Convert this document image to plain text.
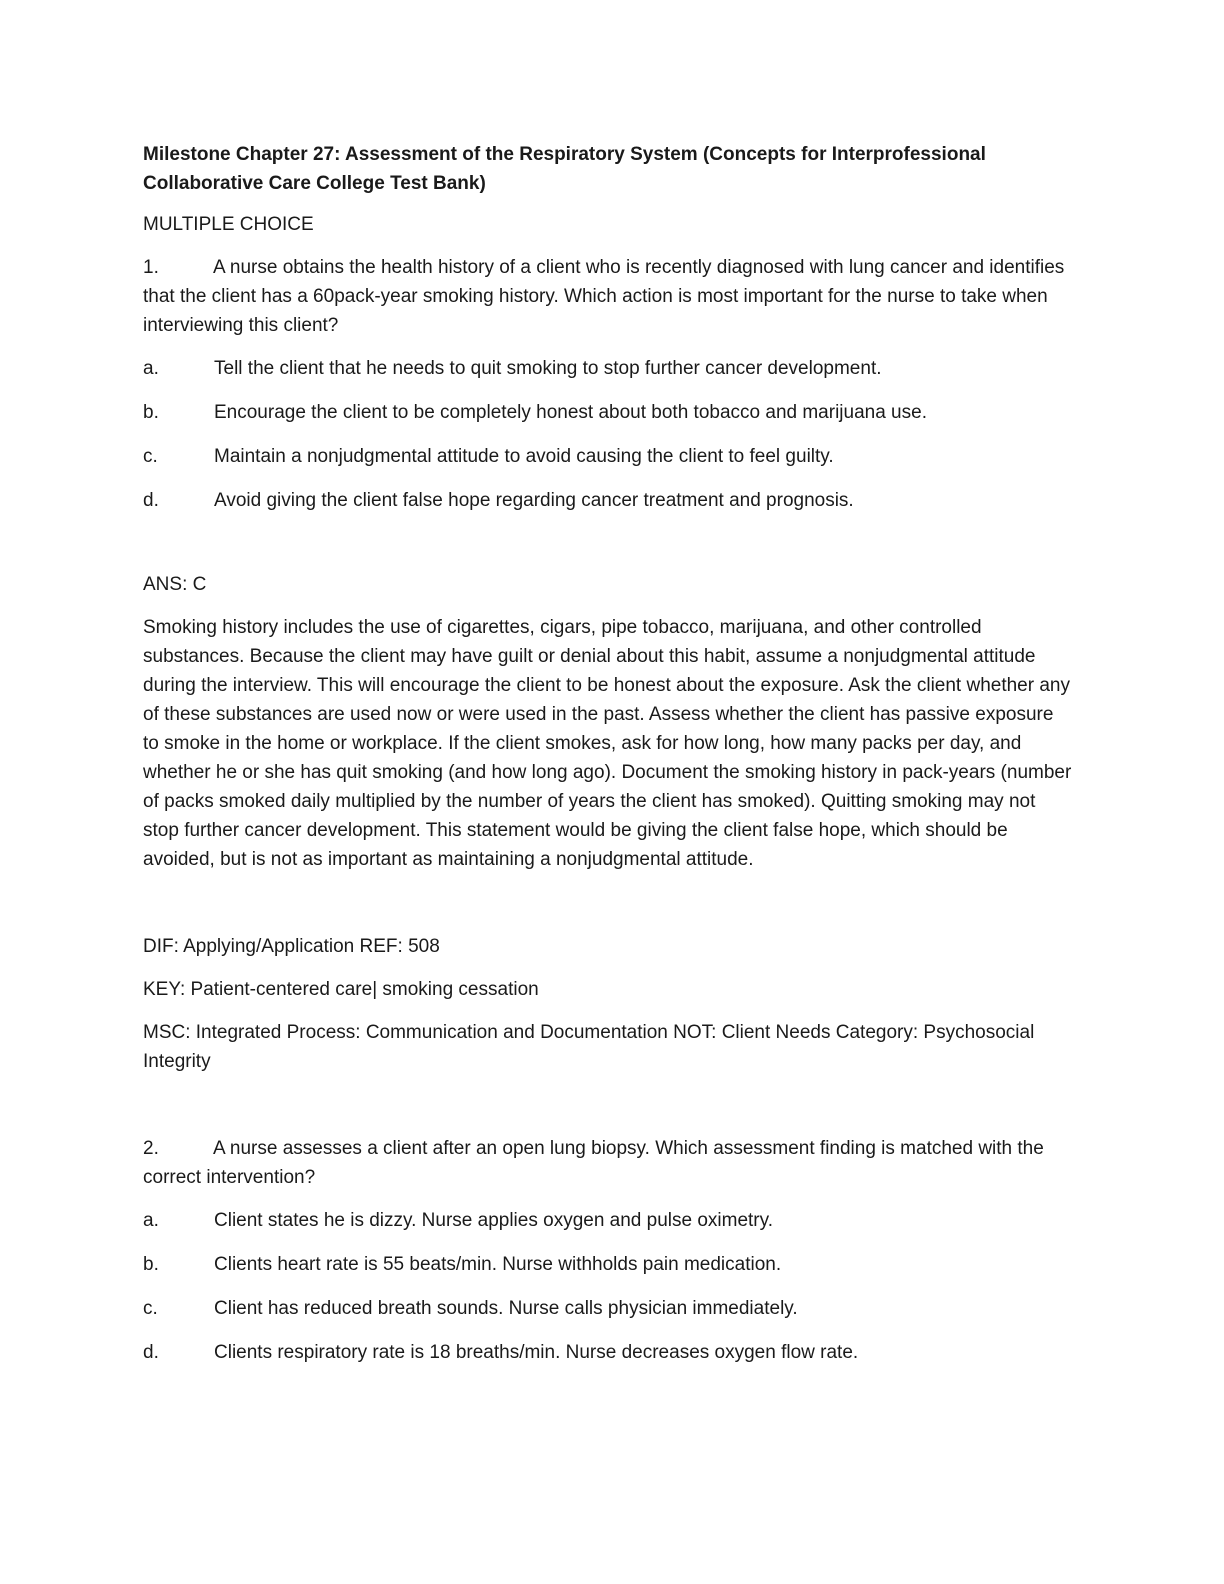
Milestone Chapter 27: Assessment of the Respiratory System (Concepts for Interprofessional Collaborative Care College Test Bank)
MULTIPLE CHOICE
1.	A nurse obtains the health history of a client who is recently diagnosed with lung cancer and identifies that the client has a 60pack-year smoking history. Which action is most important for the nurse to take when interviewing this client?
a.	Tell the client that he needs to quit smoking to stop further cancer development.
b.	Encourage the client to be completely honest about both tobacco and marijuana use.
c.	Maintain a nonjudgmental attitude to avoid causing the client to feel guilty.
d.	Avoid giving the client false hope regarding cancer treatment and prognosis.
ANS: C
Smoking history includes the use of cigarettes, cigars, pipe tobacco, marijuana, and other controlled substances. Because the client may have guilt or denial about this habit, assume a nonjudgmental attitude during the interview. This will encourage the client to be honest about the exposure. Ask the client whether any of these substances are used now or were used in the past. Assess whether the client has passive exposure to smoke in the home or workplace. If the client smokes, ask for how long, how many packs per day, and whether he or she has quit smoking (and how long ago). Document the smoking history in pack-years (number of packs smoked daily multiplied by the number of years the client has smoked). Quitting smoking may not stop further cancer development. This statement would be giving the client false hope, which should be avoided, but is not as important as maintaining a nonjudgmental attitude.
DIF: Applying/Application REF: 508
KEY: Patient-centered care| smoking cessation
MSC: Integrated Process: Communication and Documentation NOT: Client Needs Category: Psychosocial Integrity
2.	A nurse assesses a client after an open lung biopsy. Which assessment finding is matched with the correct intervention?
a.	Client states he is dizzy. Nurse applies oxygen and pulse oximetry.
b.	Clients heart rate is 55 beats/min. Nurse withholds pain medication.
c.	Client has reduced breath sounds. Nurse calls physician immediately.
d.	Clients respiratory rate is 18 breaths/min. Nurse decreases oxygen flow rate.
